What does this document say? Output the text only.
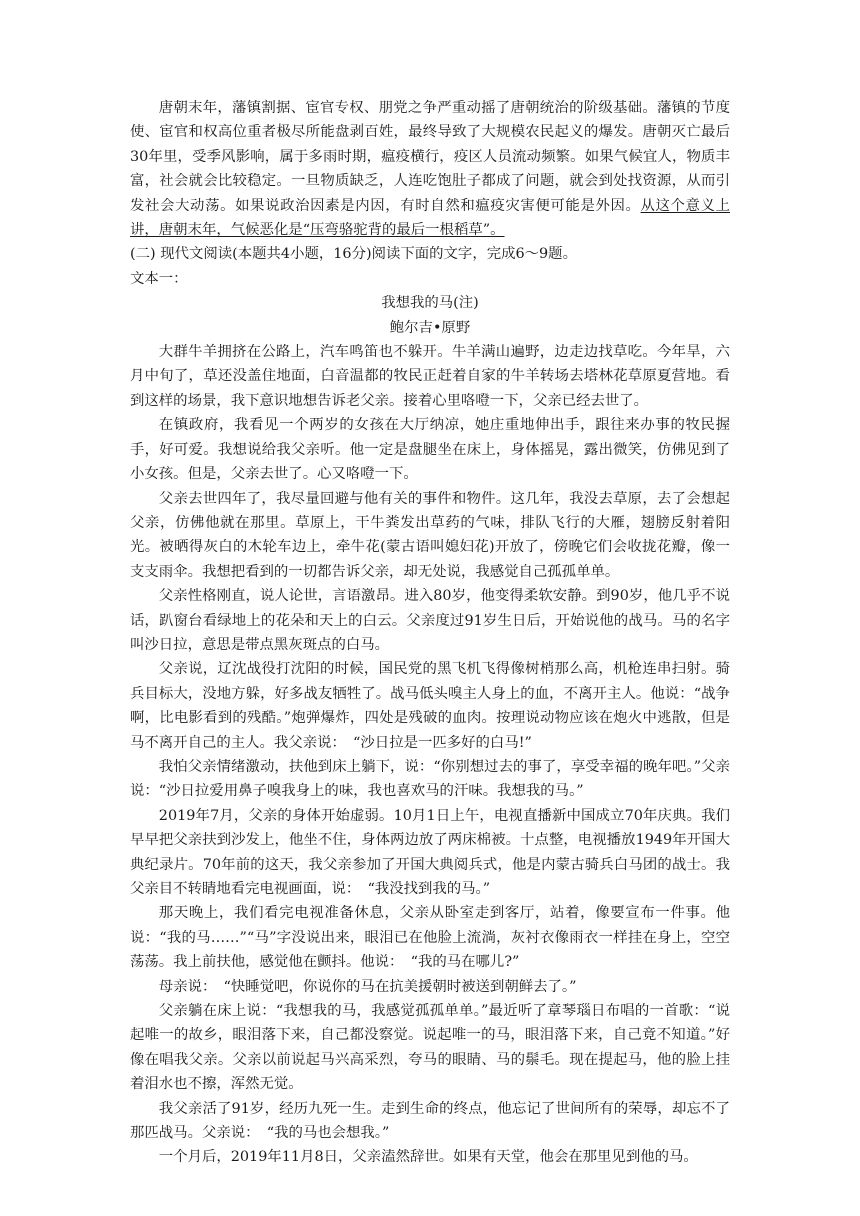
唐朝末年，藩镇割据、宦官专权、朋党之争严重动摇了唐朝统治的阶级基础。藩镇的节度使、宦官和权高位重者极尽所能盘剥百姓，最终导致了大规模农民起义的爆发。唐朝灭亡最后30年里，受季风影响，属于多雨时期，瘟疫横行，疫区人员流动频繁。如果气候宜人，物质丰富，社会就会比较稳定。一旦物质缺乏，人连吃饱肚子都成了问题，就会到处找资源，从而引发社会大动荡。如果说政治因素是内因，有时自然和瘟疫灾害便可能是外因。从这个意义上讲，唐朝末年，气候恶化是“压弯骆驼背的最后一根稻草”。

(二) 现代文阅读(本题共4小题，16分)阅读下面的文字，完成6～9题。

文本一：

我想我的马(注)

鲍尔吉•原野

大群牛羊拥挤在公路上，汽车鸣笛也不躲开。牛羊满山遍野，边走边找草吃。今年旱，六月中旬了，草还没盖住地面，白音温都的牧民正赶着自家的牛羊转场去塔林花草原夏营地。看到这样的场景，我下意识地想告诉老父亲。接着心里咯噔一下，父亲已经去世了。

在镇政府，我看见一个两岁的女孩在大厅纳凉，她庄重地伸出手，跟往来办事的牧民握手，好可爱。我想说给我父亲听。他一定是盘腿坐在床上，身体摇晃，露出微笑，仿佛见到了小女孩。但是，父亲去世了。心又咯噔一下。

父亲去世四年了，我尽量回避与他有关的事件和物件。这几年，我没去草原，去了会想起父亲，仿佛他就在那里。草原上，干牛粪发出草药的气味，排队飞行的大雁，翅膀反射着阳光。被晒得灰白的木轮车边上，牵牛花(蒙古语叫媳妇花)开放了，傍晚它们会收拢花瓣，像一支支雨伞。我想把看到的一切都告诉父亲，却无处说，我感觉自己孤孤单单。

父亲性格刚直，说人论世，言语激昂。进入80岁，他变得柔软安静。到90岁，他几乎不说话，趴窗台看绿地上的花朵和天上的白云。父亲度过91岁生日后，开始说他的战马。马的名字叫沙日拉，意思是带点黑灰斑点的白马。

父亲说，辽沈战役打沈阳的时候，国民党的黑飞机飞得像树梢那么高，机枪连串扫射。骑兵目标大，没地方躲，好多战友牺牲了。战马低头嗅主人身上的血，不离开主人。他说：“战争啊，比电影看到的残酷。”炮弹爆炸，四处是残破的血肉。按理说动物应该在炮火中逃散，但是马不离开自己的主人。我父亲说：　“沙日拉是一匹多好的白马!”

我怕父亲情绪激动，扶他到床上躺下，说：“你别想过去的事了，享受幸福的晚年吧。”父亲说：“沙日拉爱用鼻子嗅我身上的味，我也喜欢马的汗味。我想我的马。”

2019年7月，父亲的身体开始虚弱。10月1日上午，电视直播新中国成立70年庆典。我们早早把父亲扶到沙发上，他坐不住，身体两边放了两床棉被。十点整，电视播放1949年开国大典纪录片。70年前的这天，我父亲参加了开国大典阅兵式，他是内蒙古骑兵白马团的战士。我父亲目不转睛地看完电视画面，说：　“我没找到我的马。”

那天晚上，我们看完电视准备休息，父亲从卧室走到客厅，站着，像要宣布一件事。他说：“我的马……”“马”字没说出来，眼泪已在他脸上流淌，灰衬衣像雨衣一样挂在身上，空空荡荡。我上前扶他，感觉他在颤抖。他说：　“我的马在哪儿?”

母亲说：　“快睡觉吧，你说你的马在抗美援朝时被送到朝鲜去了。”

父亲躺在床上说：“我想我的马，我感觉孤孤单单。”最近听了章琴瑙日布唱的一首歌：“说起唯一的故乡，眼泪落下来，自己都没察觉。说起唯一的马，眼泪落下来，自己竟不知道。”好像在唱我父亲。父亲以前说起马兴高采烈，夸马的眼睛、马的鬃毛。现在提起马，他的脸上挂着泪水也不擦，浑然无觉。

我父亲活了91岁，经历九死一生。走到生命的终点，他忘记了世间所有的荣辱，却忘不了那匹战马。父亲说：　“我的马也会想我。”

一个月后，2019年11月8日，父亲溘然辞世。如果有天堂，他会在那里见到他的马。
